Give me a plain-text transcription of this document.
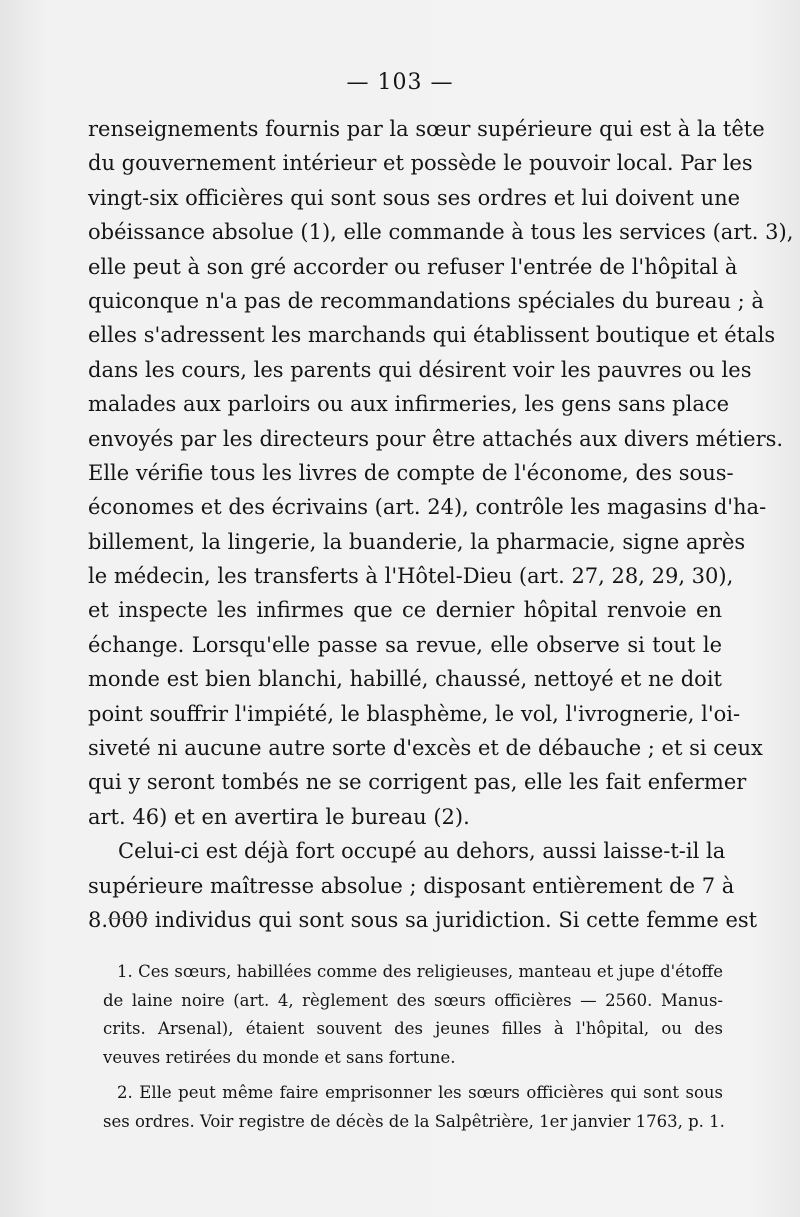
— 103 —
renseignements fournis par la sœur supérieure qui est à la tête
du gouvernement intérieur et possède le pouvoir local. Par les
vingt-six officières qui sont sous ses ordres et lui doivent une
obéissance absolue (1), elle commande à tous les services (art. 3),
elle peut à son gré accorder ou refuser l'entrée de l'hôpital à
quiconque n'a pas de recommandations spéciales du bureau ; à
elles s'adressent les marchands qui établissent boutique et étals
dans les cours, les parents qui désirent voir les pauvres ou les
malades aux parloirs ou aux infirmeries, les gens sans place
envoyés par les directeurs pour être attachés aux divers métiers.
Elle vérifie tous les livres de compte de l'économe, des sous-
économes et des écrivains (art. 24), contrôle les magasins d'ha-
billement, la lingerie, la buanderie, la pharmacie, signe après
le médecin, les transferts à l'Hôtel-Dieu (art. 27, 28, 29, 30),
et inspecte les infirmes que ce dernier hôpital renvoie en
échange. Lorsqu'elle passe sa revue, elle observe si tout le
monde est bien blanchi, habillé, chaussé, nettoyé et ne doit
point souffrir l'impiété, le blasphème, le vol, l'ivrognerie, l'oi-
siveté ni aucune autre sorte d'excès et de débauche ; et si ceux
qui y seront tombés ne se corrigent pas, elle les fait enfermer
art. 46) et en avertira le bureau (2).
Celui-ci est déjà fort occupé au dehors, aussi laisse-t-il la
supérieure maîtresse absolue ; disposant entièrement de 7 à
8.000 individus qui sont sous sa juridiction. Si cette femme est
1. Ces sœurs, habillées comme des religieuses, manteau et jupe d'étoffe
de laine noire (art. 4, règlement des sœurs officières — 2560. Manus-
crits. Arsenal), étaient souvent des jeunes filles à l'hôpital, ou des
veuves retirées du monde et sans fortune.
2. Elle peut même faire emprisonner les sœurs officières qui sont sous
ses ordres. Voir registre de décès de la Salpêtrière, 1er janvier 1763, p. 1.
